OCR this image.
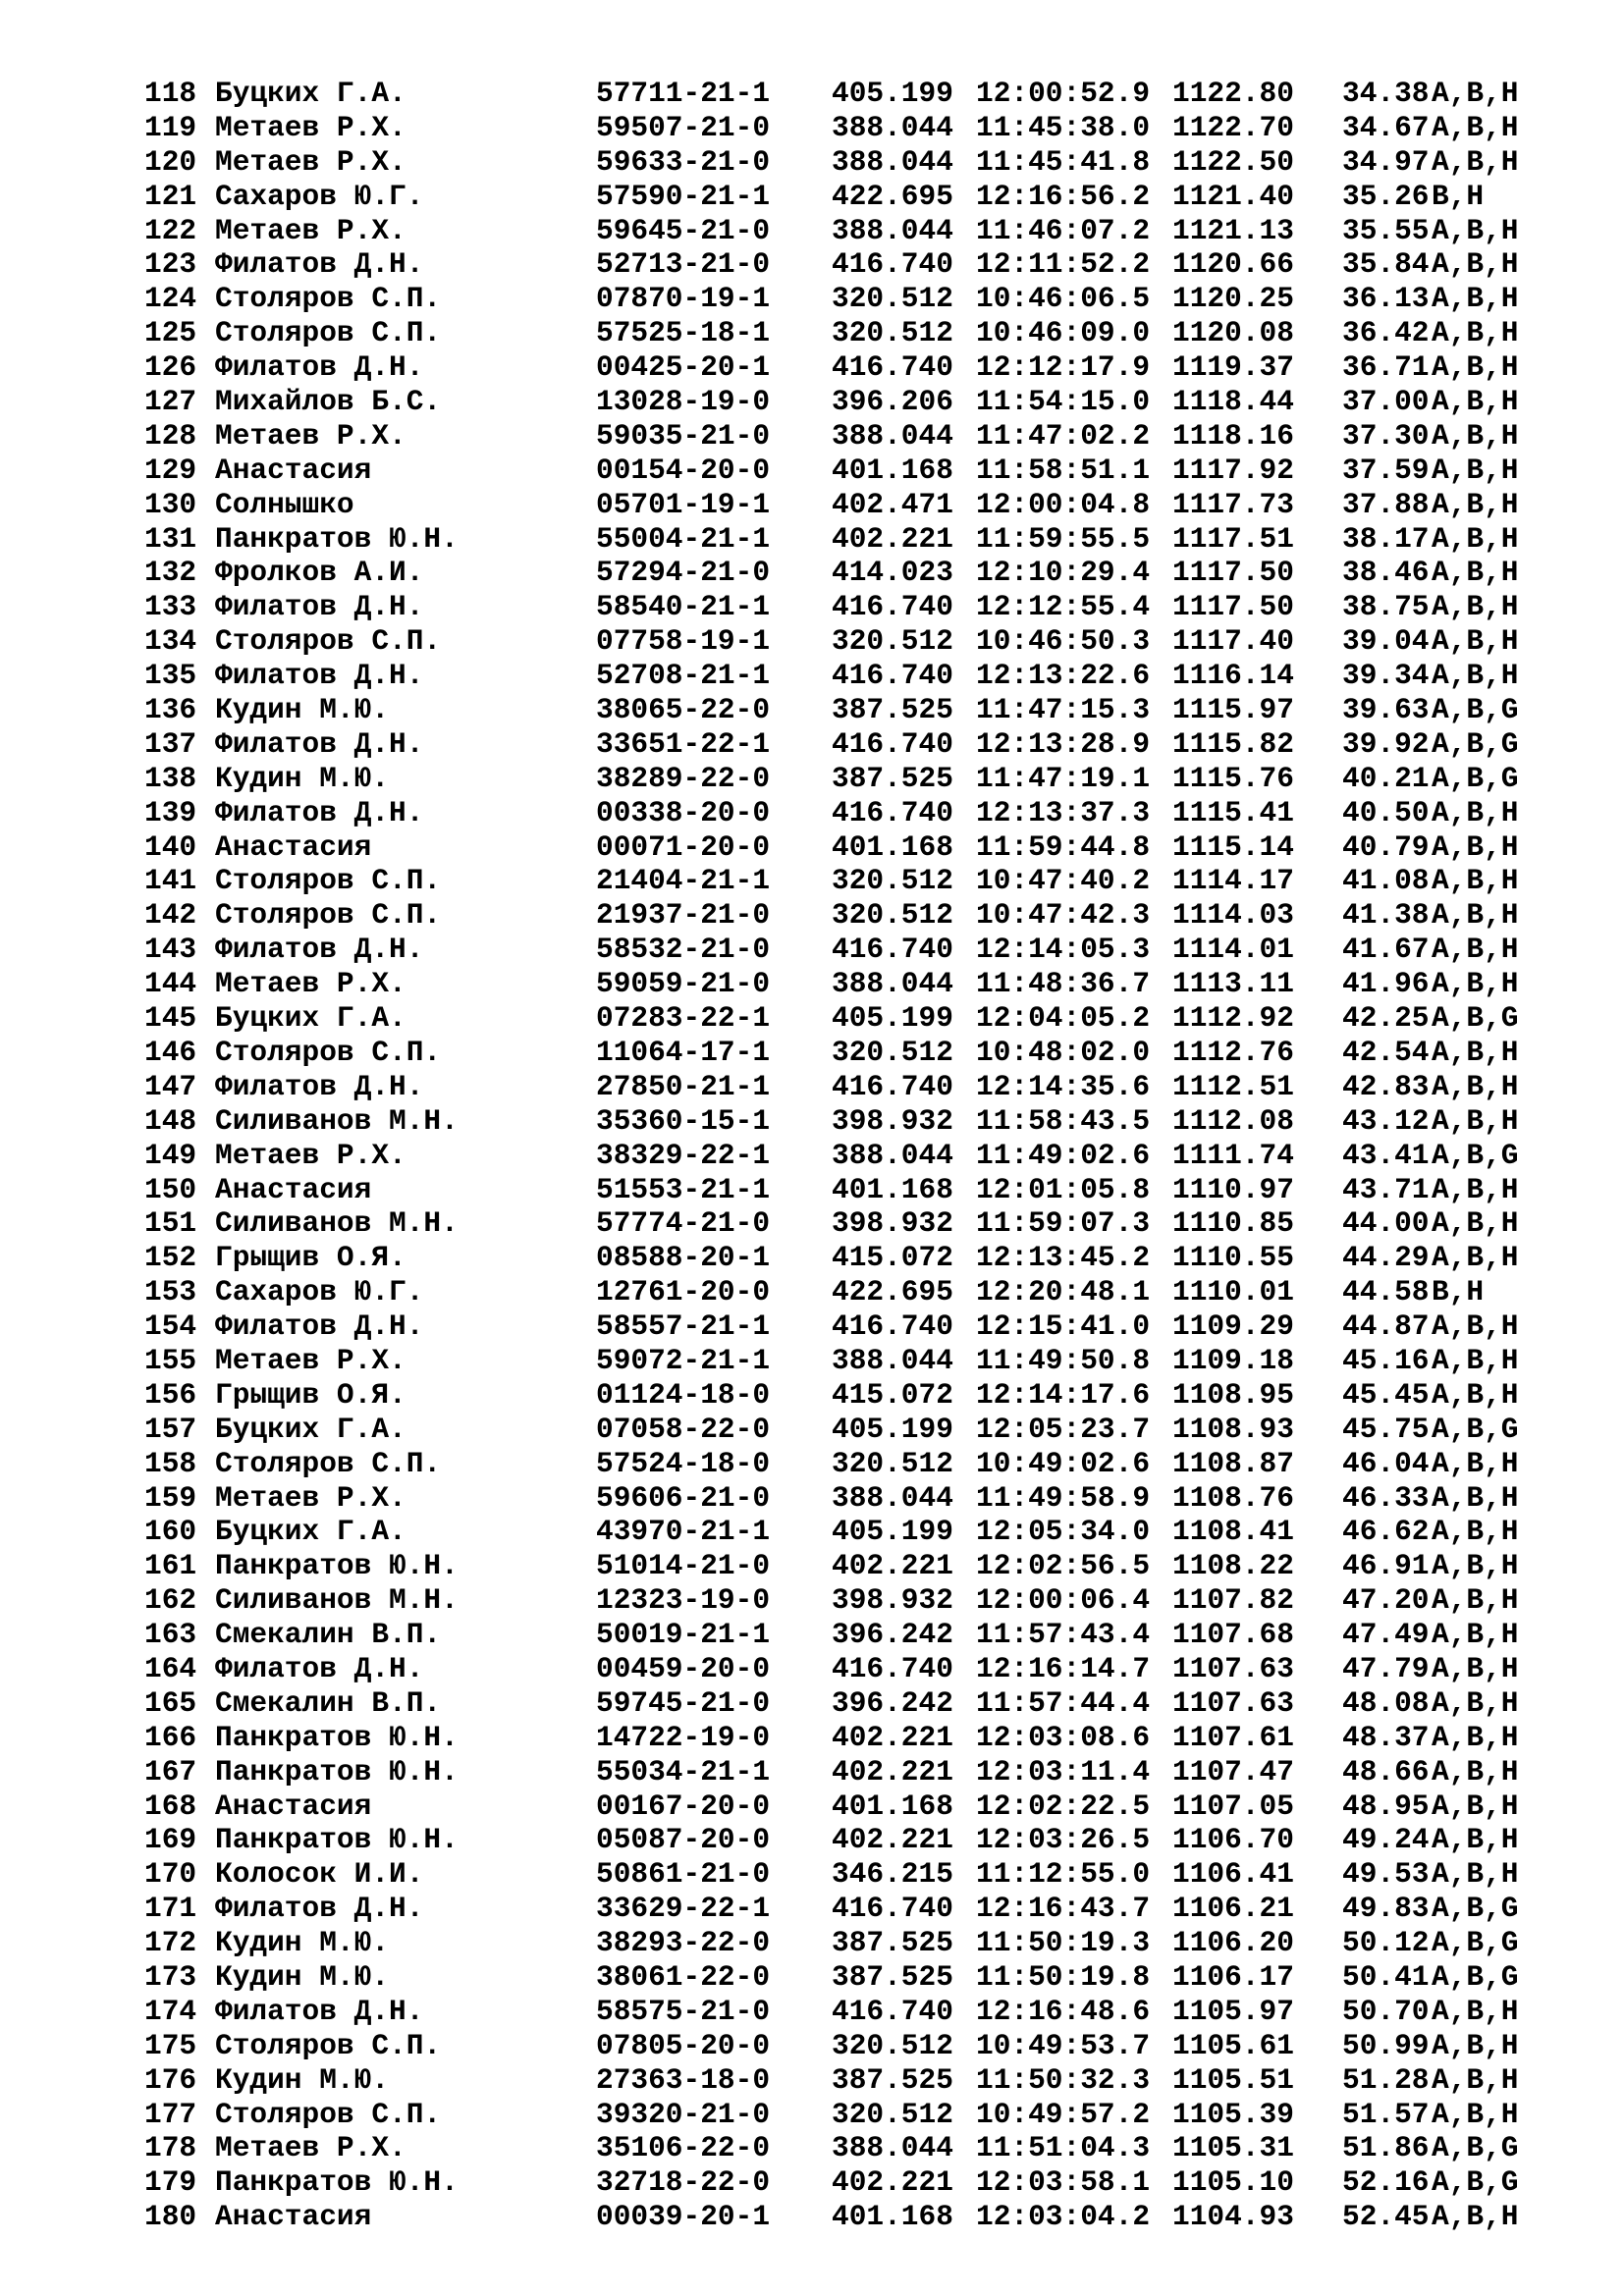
118 Буцких Г.А.	57711-21-1 405.199 12:00:52.9 1122.80 34.38 A,B,H
119 Метаев Р.Х.	59507-21-0 388.044 11:45:38.0 1122.70 34.67 A,B,H
120 Метаев Р.Х.	59633-21-0 388.044 11:45:41.8 1122.50 34.97 A,B,H
121 Сахаров Ю.Г.	57590-21-1 422.695 12:16:56.2 1121.40 35.26 B,H
122 Метаев Р.Х.	59645-21-0 388.044 11:46:07.2 1121.13 35.55 A,B,H
123 Филатов Д.Н.	52713-21-0 416.740 12:11:52.2 1120.66 35.84 A,B,H
124 Столяров С.П.	07870-19-1 320.512 10:46:06.5 1120.25 36.13 A,B,H
125 Столяров С.П.	57525-18-1 320.512 10:46:09.0 1120.08 36.42 A,B,H
126 Филатов Д.Н.	00425-20-1 416.740 12:12:17.9 1119.37 36.71 A,B,H
127 Михайлов Б.С.	13028-19-0 396.206 11:54:15.0 1118.44 37.00 A,B,H
128 Метаев Р.Х.	59035-21-0 388.044 11:47:02.2 1118.16 37.30 A,B,H
129 Анастасия	00154-20-0 401.168 11:58:51.1 1117.92 37.59 A,B,H
130 Солнышко	05701-19-1 402.471 12:00:04.8 1117.73 37.88 A,B,H
131 Панкратов Ю.Н.	55004-21-1 402.221 11:59:55.5 1117.51 38.17 A,B,H
132 Фролков А.И.	57294-21-0 414.023 12:10:29.4 1117.50 38.46 A,B,H
133 Филатов Д.Н.	58540-21-1 416.740 12:12:55.4 1117.50 38.75 A,B,H
134 Столяров С.П.	07758-19-1 320.512 10:46:50.3 1117.40 39.04 A,B,H
135 Филатов Д.Н.	52708-21-1 416.740 12:13:22.6 1116.14 39.34 A,B,H
136 Кудин М.Ю.	38065-22-0 387.525 11:47:15.3 1115.97 39.63 A,B,G
137 Филатов Д.Н.	33651-22-1 416.740 12:13:28.9 1115.82 39.92 A,B,G
138 Кудин М.Ю.	38289-22-0 387.525 11:47:19.1 1115.76 40.21 A,B,G
139 Филатов Д.Н.	00338-20-0 416.740 12:13:37.3 1115.41 40.50 A,B,H
140 Анастасия	00071-20-0 401.168 11:59:44.8 1115.14 40.79 A,B,H
141 Столяров С.П.	21404-21-1 320.512 10:47:40.2 1114.17 41.08 A,B,H
142 Столяров С.П.	21937-21-0 320.512 10:47:42.3 1114.03 41.38 A,B,H
143 Филатов Д.Н.	58532-21-0 416.740 12:14:05.3 1114.01 41.67 A,B,H
144 Метаев Р.Х.	59059-21-0 388.044 11:48:36.7 1113.11 41.96 A,B,H
145 Буцких Г.А.	07283-22-1 405.199 12:04:05.2 1112.92 42.25 A,B,G
146 Столяров С.П.	11064-17-1 320.512 10:48:02.0 1112.76 42.54 A,B,H
147 Филатов Д.Н.	27850-21-1 416.740 12:14:35.6 1112.51 42.83 A,B,H
148 Силиванов М.Н.	35360-15-1 398.932 11:58:43.5 1112.08 43.12 A,B,H
149 Метаев Р.Х.	38329-22-1 388.044 11:49:02.6 1111.74 43.41 A,B,G
150 Анастасия	51553-21-1 401.168 12:01:05.8 1110.97 43.71 A,B,H
151 Силиванов М.Н.	57774-21-0 398.932 11:59:07.3 1110.85 44.00 A,B,H
152 Грыщив О.Я.	08588-20-1 415.072 12:13:45.2 1110.55 44.29 A,B,H
153 Сахаров Ю.Г.	12761-20-0 422.695 12:20:48.1 1110.01 44.58 B,H
154 Филатов Д.Н.	58557-21-1 416.740 12:15:41.0 1109.29 44.87 A,B,H
155 Метаев Р.Х.	59072-21-1 388.044 11:49:50.8 1109.18 45.16 A,B,H
156 Грыщив О.Я.	01124-18-0 415.072 12:14:17.6 1108.95 45.45 A,B,H
157 Буцких Г.А.	07058-22-0 405.199 12:05:23.7 1108.93 45.75 A,B,G
158 Столяров С.П.	57524-18-0 320.512 10:49:02.6 1108.87 46.04 A,B,H
159 Метаев Р.Х.	59606-21-0 388.044 11:49:58.9 1108.76 46.33 A,B,H
160 Буцких Г.А.	43970-21-1 405.199 12:05:34.0 1108.41 46.62 A,B,H
161 Панкратов Ю.Н.	51014-21-0 402.221 12:02:56.5 1108.22 46.91 A,B,H
162 Силиванов М.Н.	12323-19-0 398.932 12:00:06.4 1107.82 47.20 A,B,H
163 Смекалин В.П.	50019-21-1 396.242 11:57:43.4 1107.68 47.49 A,B,H
164 Филатов Д.Н.	00459-20-0 416.740 12:16:14.7 1107.63 47.79 A,B,H
165 Смекалин В.П.	59745-21-0 396.242 11:57:44.4 1107.63 48.08 A,B,H
166 Панкратов Ю.Н.	14722-19-0 402.221 12:03:08.6 1107.61 48.37 A,B,H
167 Панкратов Ю.Н.	55034-21-1 402.221 12:03:11.4 1107.47 48.66 A,B,H
168 Анастасия	00167-20-0 401.168 12:02:22.5 1107.05 48.95 A,B,H
169 Панкратов Ю.Н.	05087-20-0 402.221 12:03:26.5 1106.70 49.24 A,B,H
170 Колосок И.И.	50861-21-0 346.215 11:12:55.0 1106.41 49.53 A,B,H
171 Филатов Д.Н.	33629-22-1 416.740 12:16:43.7 1106.21 49.83 A,B,G
172 Кудин М.Ю.	38293-22-0 387.525 11:50:19.3 1106.20 50.12 A,B,G
173 Кудин М.Ю.	38061-22-0 387.525 11:50:19.8 1106.17 50.41 A,B,G
174 Филатов Д.Н.	58575-21-0 416.740 12:16:48.6 1105.97 50.70 A,B,H
175 Столяров С.П.	07805-20-0 320.512 10:49:53.7 1105.61 50.99 A,B,H
176 Кудин М.Ю.	27363-18-0 387.525 11:50:32.3 1105.51 51.28 A,B,H
177 Столяров С.П.	39320-21-0 320.512 10:49:57.2 1105.39 51.57 A,B,H
178 Метаев Р.Х.	35106-22-0 388.044 11:51:04.3 1105.31 51.86 A,B,G
179 Панкратов Ю.Н.	32718-22-0 402.221 12:03:58.1 1105.10 52.16 A,B,G
180 Анастасия	00039-20-1 401.168 12:03:04.2 1104.93 52.45 A,B,H
